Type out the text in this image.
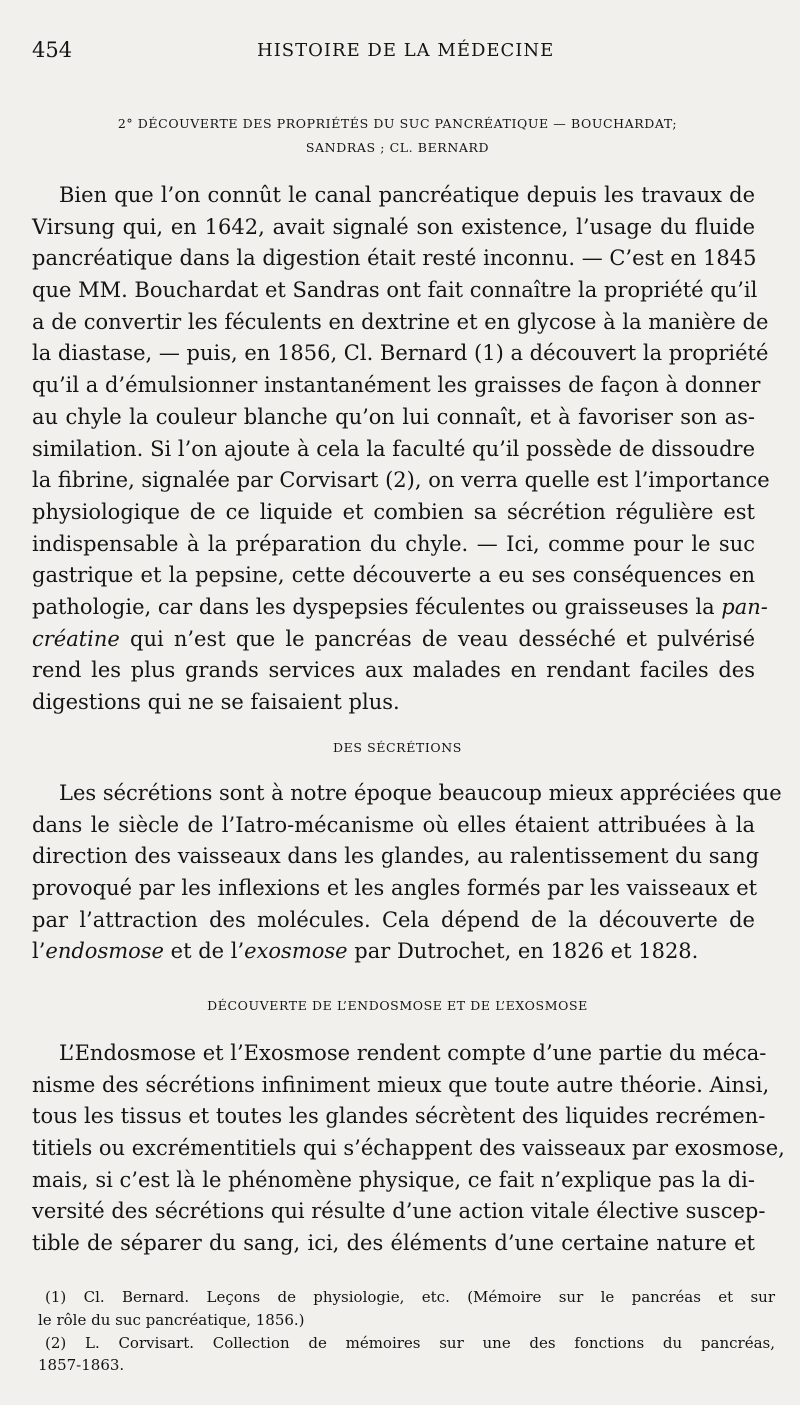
454	HISTOIRE DE LA MÉDECINE
2° DÉCOUVERTE DES PROPRIÉTÉS DU SUC PANCRÉATIQUE — BOUCHARDAT;
SANDRAS ; CL. BERNARD
Bien que l’on connût le canal pancréatique depuis les travaux de
Virsung qui, en 1642, avait signalé son existence, l’usage du fluide
pancréatique dans la digestion était resté inconnu. — C’est en 1845
que MM. Bouchardat et Sandras ont fait connaître la propriété qu’il
a de convertir les féculents en dextrine et en glycose à la manière de
la diastase, — puis, en 1856, Cl. Bernard (1) a découvert la propriété
qu’il a d’émulsionner instantanément les graisses de façon à donner
au chyle la couleur blanche qu’on lui connaît, et à favoriser son as-
similation. Si l’on ajoute à cela la faculté qu’il possède de dissoudre
la fibrine, signalée par Corvisart (2), on verra quelle est l’importance
physiologique de ce liquide et combien sa sécrétion régulière est
indispensable à la préparation du chyle. — Ici, comme pour le suc
gastrique et la pepsine, cette découverte a eu ses conséquences en
pathologie, car dans les dyspepsies féculentes ou graisseuses la pan-
créatine qui n’est que le pancréas de veau desséché et pulvérisé
rend les plus grands services aux malades en rendant faciles des
digestions qui ne se faisaient plus.
DES SÉCRÉTIONS
Les sécrétions sont à notre époque beaucoup mieux appréciées que
dans le siècle de l’Iatro-mécanisme où elles étaient attribuées à la
direction des vaisseaux dans les glandes, au ralentissement du sang
provoqué par les inflexions et les angles formés par les vaisseaux et
par l’attraction des molécules. Cela dépend de la découverte de
l’endosmose et de l’exosmose par Dutrochet, en 1826 et 1828.
DÉCOUVERTE DE L’ENDOSMOSE ET DE L’EXOSMOSE
L’Endosmose et l’Exosmose rendent compte d’une partie du méca-
nisme des sécrétions infiniment mieux que toute autre théorie. Ainsi,
tous les tissus et toutes les glandes sécrètent des liquides recrémen-
titiels ou excrémentitiels qui s’échappent des vaisseaux par exosmose,
mais, si c’est là le phénomène physique, ce fait n’explique pas la di-
versité des sécrétions qui résulte d’une action vitale élective suscep-
tible de séparer du sang, ici, des éléments d’une certaine nature et
(1) Cl. Bernard. Leçons de physiologie, etc. (Mémoire sur le pancréas et sur
le rôle du suc pancréatique, 1856.)
(2) L. Corvisart. Collection de mémoires sur une des fonctions du pancréas,
1857-1863.
